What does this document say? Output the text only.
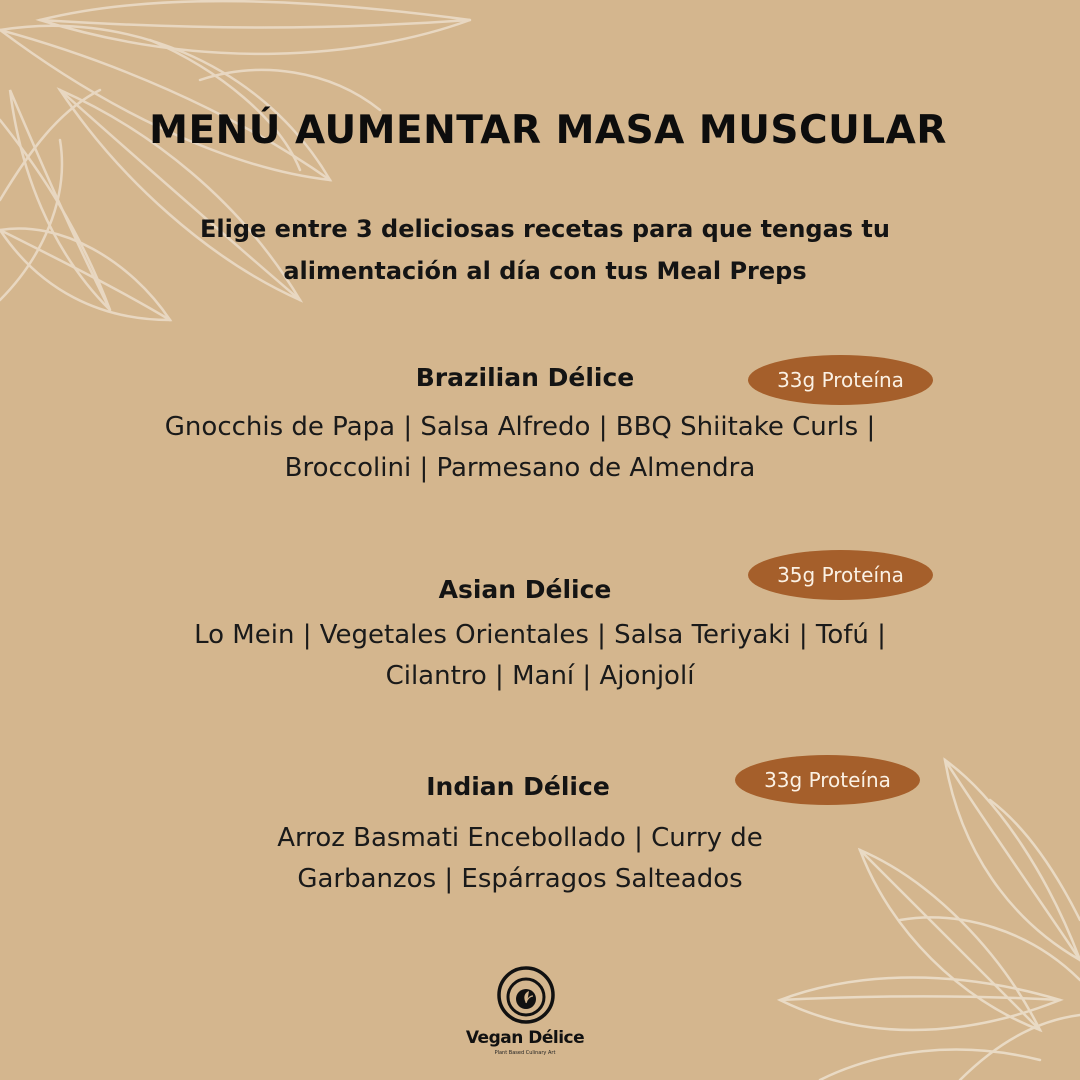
MENÚ AUMENTAR MASA MUSCULAR
Elige entre 3 deliciosas recetas para que tengas tu alimentación al día con tus Meal Preps
Brazilian Délice	33g Proteína
Gnocchis de Papa | Salsa Alfredo | BBQ Shiitake Curls | Broccolini | Parmesano de Almendra
Asian Délice	35g Proteína
Lo Mein | Vegetales Orientales | Salsa Teriyaki | Tofú | Cilantro | Maní | Ajonjolí
Indian Délice	33g Proteína
Arroz Basmati Encebollado | Curry de Garbanzos | Espárragos Salteados
Vegan Délice
Plant Based Culinary Art
